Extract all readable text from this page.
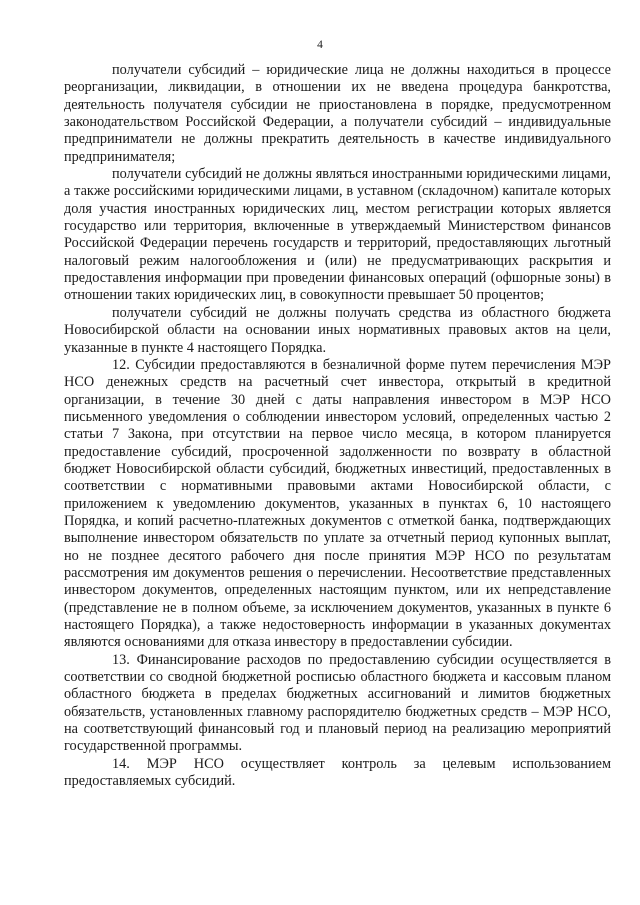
4

получатели субсидий – юридические лица не должны находиться в процессе реорганизации, ликвидации, в отношении их не введена процедура банкротства, деятельность получателя субсидии не приостановлена в порядке, предусмотренном законодательством Российской Федерации, а получатели субсидий – индивидуальные предприниматели не должны прекратить деятельность в качестве индивидуального предпринимателя;

получатели субсидий не должны являться иностранными юридическими лицами, а также российскими юридическими лицами, в уставном (складочном) капитале которых доля участия иностранных юридических лиц, местом регистрации которых является государство или территория, включенные в утверждаемый Министерством финансов Российской Федерации перечень государств и территорий, предоставляющих льготный налоговый режим налогообложения и (или) не предусматривающих раскрытия и предоставления информации при проведении финансовых операций (офшорные зоны) в отношении таких юридических лиц, в совокупности превышает 50 процентов;

получатели субсидий не должны получать средства из областного бюджета Новосибирской области на основании иных нормативных правовых актов на цели, указанные в пункте 4 настоящего Порядка.

12. Субсидии предоставляются в безналичной форме путем перечисления МЭР НСО денежных средств на расчетный счет инвестора, открытый в кредитной организации, в течение 30 дней с даты направления инвестором в МЭР НСО письменного уведомления о соблюдении инвестором условий, определенных частью 2 статьи 7 Закона, при отсутствии на первое число месяца, в котором планируется предоставление субсидий, просроченной задолженности по возврату в областной бюджет Новосибирской области субсидий, бюджетных инвестиций, предоставленных в соответствии с нормативными правовыми актами Новосибирской области, с приложением к уведомлению документов, указанных в пунктах 6, 10 настоящего Порядка, и копий расчетно-платежных документов с отметкой банка, подтверждающих выполнение инвестором обязательств по уплате за отчетный период купонных выплат, но не позднее десятого рабочего дня после принятия МЭР НСО по результатам рассмотрения им документов решения о перечислении. Несоответствие представленных инвестором документов, определенных настоящим пунктом, или их непредставление (представление не в полном объеме, за исключением документов, указанных в пункте 6 настоящего Порядка), а также недостоверность информации в указанных документах являются основаниями для отказа инвестору в предоставлении субсидии.

13. Финансирование расходов по предоставлению субсидии осуществляется в соответствии со сводной бюджетной росписью областного бюджета и кассовым планом областного бюджета в пределах бюджетных ассигнований и лимитов бюджетных обязательств, установленных главному распорядителю бюджетных средств – МЭР НСО, на соответствующий финансовый год и плановый период на реализацию мероприятий государственной программы.

14. МЭР НСО осуществляет контроль за целевым использованием предоставляемых субсидий.
